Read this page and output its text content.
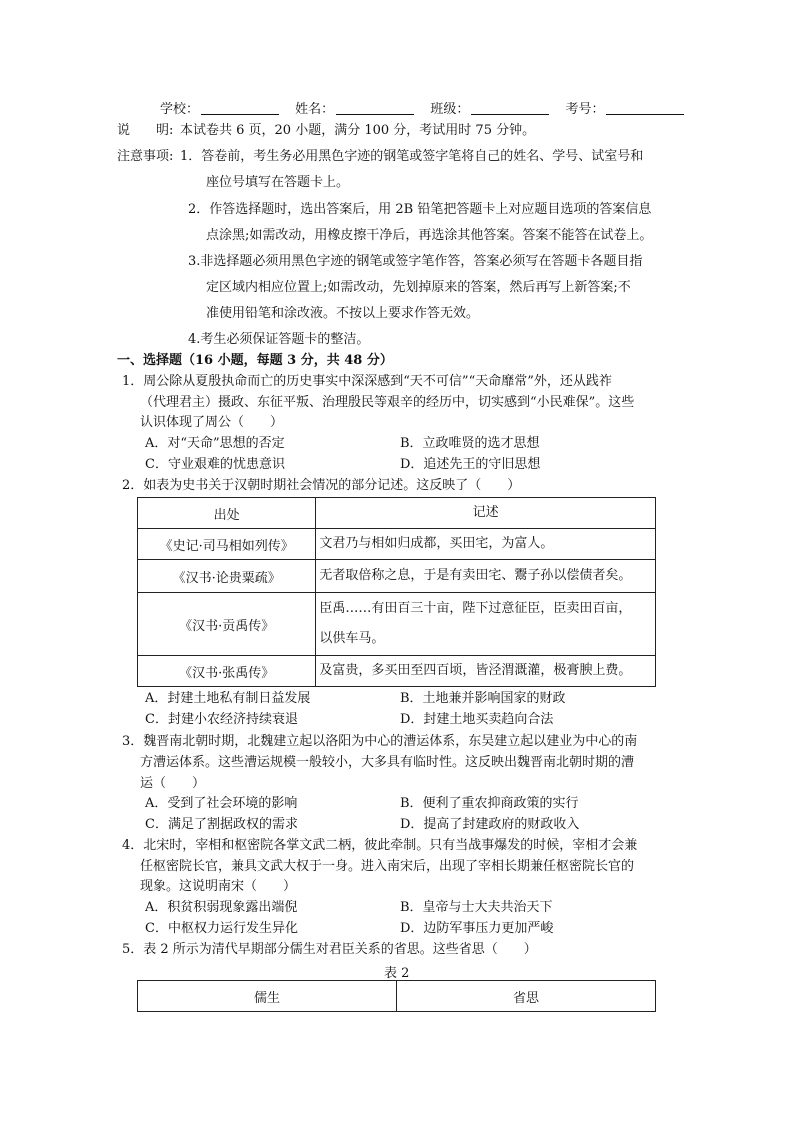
学校：	姓名：	班级：	考号：
说　　明: 本试卷共 6 页，20 小题，满分 100 分，考试用时 75 分钟。
注意事项: 1．答卷前，考生务必用黑色字迹的钢笔或签字笔将自己的姓名、学号、试室号和
座位号填写在答题卡上。
2．作答选择题时，选出答案后，用 2B 铅笔把答题卡上对应题目选项的答案信息
点涂黑;如需改动，用橡皮擦干净后，再选涂其他答案。答案不能答在试卷上。
3.非选择题必须用黑色字迹的钢笔或签字笔作答，答案必须写在答题卡各题目指
定区域内相应位置上;如需改动，先划掉原来的答案，然后再写上新答案;不
准使用铅笔和涂改液。不按以上要求作答无效。
4.考生必须保证答题卡的整洁。
一、选择题（16 小题，每题 3 分，共 48 分）
1．周公除从夏殷执命而亡的历史事实中深深感到“天不可信”“天命靡常”外，还从践祚
（代理君主）摄政、东征平叛、治理殷民等艰辛的经历中，切实感到“小民难保”。这些
认识体现了周公（　　）
A．对“天命”思想的否定	B．立政唯贤的选才思想
C．守业艰难的忧患意识	D．追述先王的守旧思想
2．如表为史书关于汉朝时期社会情况的部分记述。这反映了（　　）
出处	记述
《史记·司马相如列传》	文君乃与相如归成都，买田宅，为富人。
《汉书·论贵粟疏》	无者取倍称之息，于是有卖田宅、鬻子孙以偿债者矣。
《汉书·贡禹传》	臣禹……有田百三十亩，陛下过意征臣，臣卖田百亩，
以供车马。

《汉书·张禹传》	及富贵，多买田至四百顷，皆泾渭溉灌，极膏腴上费。
A．封建土地私有制日益发展	B．土地兼并影响国家的财政
C．封建小农经济持续衰退	D．封建土地买卖趋向合法
3．魏晋南北朝时期，北魏建立起以洛阳为中心的漕运体系，东吴建立起以建业为中心的南
方漕运体系。这些漕运规模一般较小，大多具有临时性。这反映出魏晋南北朝时期的漕
运（　　）
A．受到了社会环境的影响	B．便利了重农抑商政策的实行
C．满足了割据政权的需求	D．提高了封建政府的财政收入
4．北宋时，宰相和枢密院各掌文武二柄，彼此牵制。只有当战事爆发的时候，宰相才会兼
任枢密院长官，兼具文武大权于一身。进入南宋后，出现了宰相长期兼任枢密院长官的
现象。这说明南宋（　　）
A．积贫积弱现象露出端倪	B．皇帝与士大夫共治天下
C．中枢权力运行发生异化	D．边防军事压力更加严峻
5．表 2 所示为清代早期部分儒生对君臣关系的省思。这些省思（　　）
表 2
儒生	省思
